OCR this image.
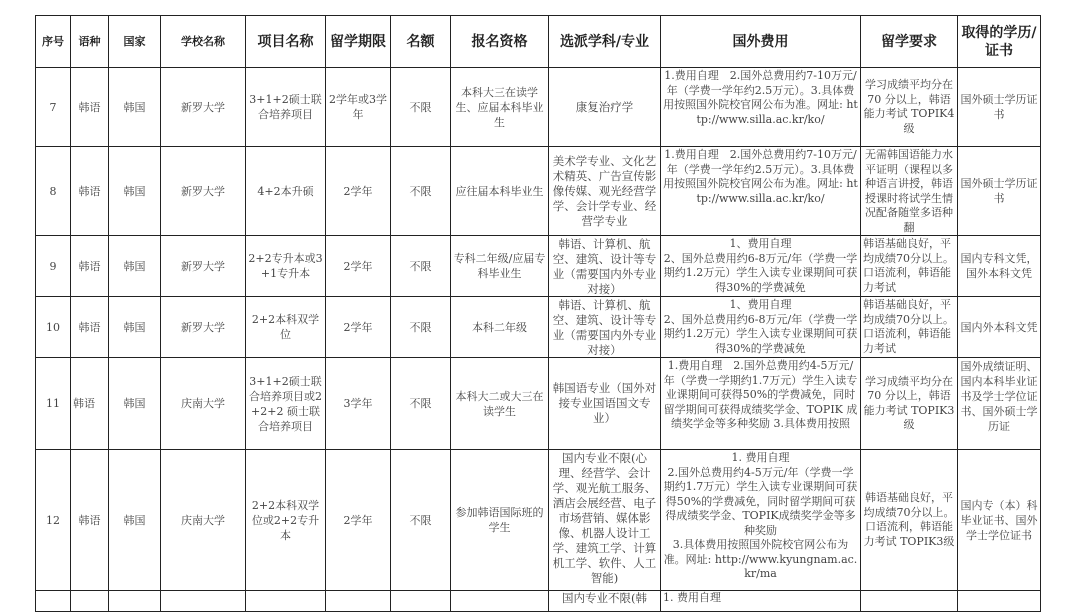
序号	语种	国家	学校名称	项目名称	留学期限	名额	报名资格	选派学科/专业	国外费用	留学要求	取得的学历/证书
7	韩语	韩国	新罗大学	3+1+2硕士联合培养项目	2学年或3学年	不限	本科大三在读学生、应届本科毕业生	康复治疗学	1.费用自理　2.国外总费用约7-10万元/年（学费一学年约2.5万元）。3.具体费用按照国外院校官网公布为准。网址: http://www.silla.ac.kr/ko/	学习成绩平均分在 70 分以上，韩语能力考试 TOPIK4 级	国外硕士学历证书
8	韩语	韩国	新罗大学	4+2本升硕	2学年	不限	应往届本科毕业生	美术学专业、文化艺术精英、广告宣传影像传媒、观光经营学学、会计学专业、经营学专业	1.费用自理　2.国外总费用约7-10万元/年（学费一学年约2.5万元）。3.具体费用按照国外院校官网公布为准。网址: http://www.silla.ac.kr/ko/	无需韩国语能力水平证明（课程以多种语言讲授，韩语授课时将试学生情况配备随堂多语种翻	国外硕士学历证书
9	韩语	韩国	新罗大学	2+2专升本或3+1专升本	2学年	不限	专科二年级/应届专科毕业生	韩语、计算机、航空、建筑、设计等专业（需要国内外专业对接）	1、费用自理
2、国外总费用约6-8万元/年（学费一学期约1.2万元）学生入读专业课期间可获得30%的学费减免	韩语基础良好，平均成绩70分以上。口语流利，韩语能力考试	国内专科文凭，国外本科文凭
10	韩语	韩国	新罗大学	2+2本科双学位	2学年	不限	本科二年级	韩语、计算机、航空、建筑、设计等专业（需要国内外专业对接）	1、费用自理
2、国外总费用约6-8万元/年（学费一学期约1.2万元）学生入读专业课期间可获得30%的学费减免	韩语基础良好，平均成绩70分以上。口语流利，韩语能力考试	国内外本科文凭
11	韩语	韩国	庆南大学	3+1+2硕士联合培养项目或2+2+2 硕士联合培养项目	3学年	不限	本科大二或大三在读学生	韩国语专业（国外对接专业国语国文专业）	1.费用自理　2.国外总费用约4-5万元/年（学费一学期约1.7万元）学生入读专业课期间可获得50%的学费减免，同时留学期间可获得成绩奖学金、TOPIK 成绩奖学金等多种奖励 3.具体费用按照	学习成绩平均分在 70 分以上，韩语能力考试 TOPIK3 级	国外成绩证明、国内本科毕业证书及学士学位证书、国外硕士学历证

12	韩语	韩国	庆南大学	2+2本科双学位或2+2专升本	2学年	不限	参加韩语国际班的学生	国内专业不限(心理、经营学、会计学、观光航工服务、酒店会展经营、电子市场营销、媒体影像、机器人设计工学、建筑工学、计算机工学、软件、人工智能)	1. 费用自理
2.国外总费用约4-5万元/年（学费一学期约1.7万元）学生入读专业课期间可获得50%的学费减免，同时留学期间可获得成绩奖学金、TOPIK成绩奖学金等多种奖励
3.具体费用按照国外院校官网公布为准。网址: http://www.kyungnam.ac.kr/ma	韩语基础良好，平均成绩70分以上。口语流利，韩语能力考试 TOPIK3级	国内专（本）科毕业证书、国外学士学位证书
								国内专业不限(韩	1. 费用自理		
